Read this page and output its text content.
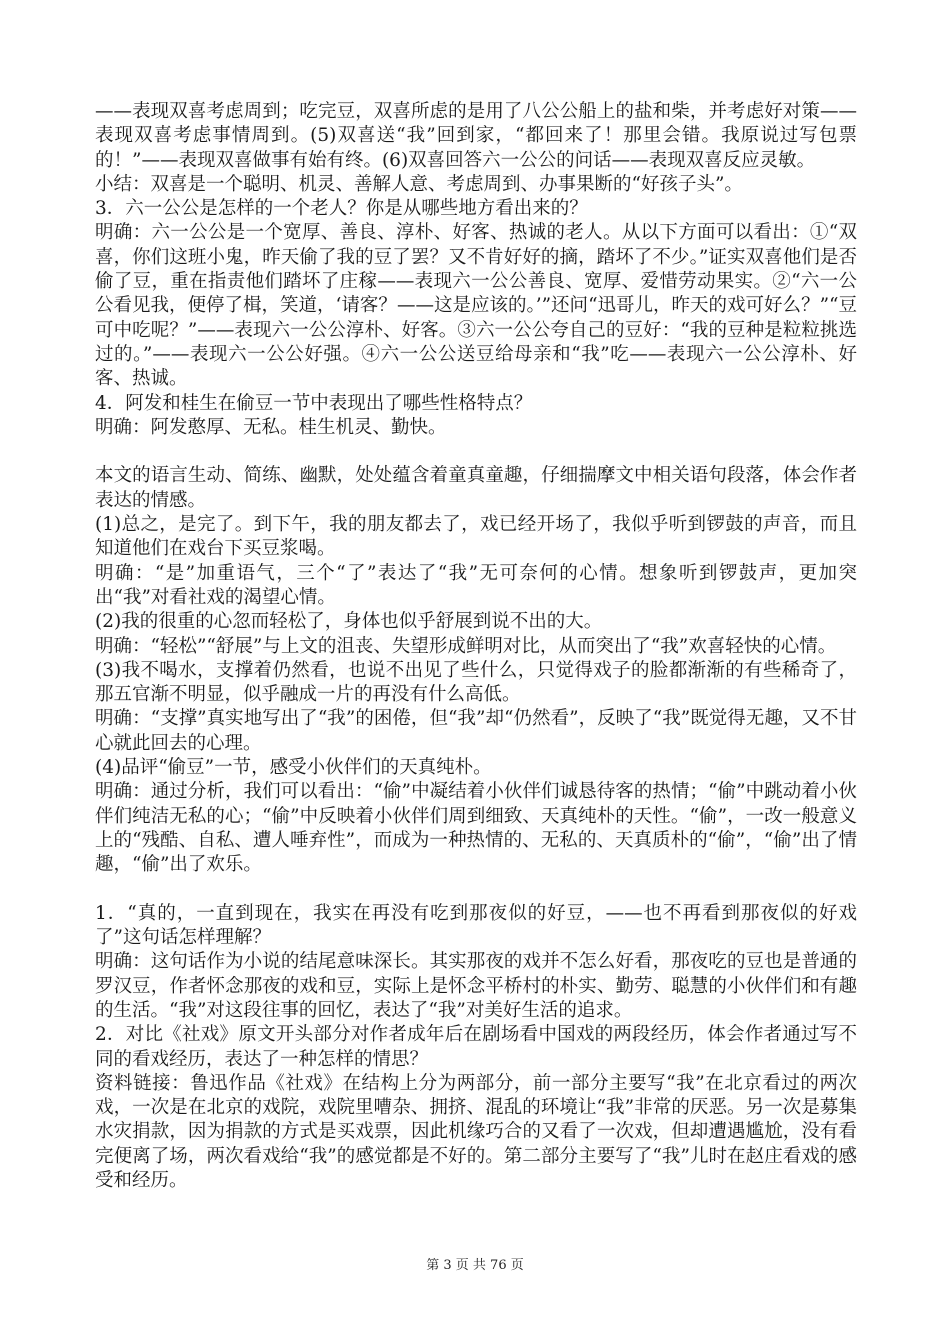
——表现双喜考虑周到；吃完豆，双喜所虑的是用了八公公船上的盐和柴，并考虑好对策——表现双喜考虑事情周到。(5)双喜送“我”回到家，“都回来了！那里会错。我原说过写包票的！”——表现双喜做事有始有终。(6)双喜回答六一公公的问话——表现双喜反应灵敏。

小结：双喜是一个聪明、机灵、善解人意、考虑周到、办事果断的“好孩子头”。

3．六一公公是怎样的一个老人？你是从哪些地方看出来的？

明确：六一公公是一个宽厚、善良、淳朴、好客、热诚的老人。从以下方面可以看出：①“双喜，你们这班小鬼，昨天偷了我的豆了罢？又不肯好好的摘，踏坏了不少。”证实双喜他们是否偷了豆，重在指责他们踏坏了庄稼——表现六一公公善良、宽厚、爱惜劳动果实。②“六一公公看见我，便停了楫，笑道，‘请客？——这是应该的。’”还问“迅哥儿，昨天的戏可好么？”“豆可中吃呢？”——表现六一公公淳朴、好客。③六一公公夸自己的豆好：“我的豆种是粒粒挑选过的。”——表现六一公公好强。④六一公公送豆给母亲和“我”吃——表现六一公公淳朴、好客、热诚。

4．阿发和桂生在偷豆一节中表现出了哪些性格特点？

明确：阿发憨厚、无私。桂生机灵、勤快。

本文的语言生动、简练、幽默，处处蕴含着童真童趣，仔细揣摩文中相关语句段落，体会作者表达的情感。

(1)总之，是完了。到下午，我的朋友都去了，戏已经开场了，我似乎听到锣鼓的声音，而且知道他们在戏台下买豆浆喝。

明确：“是”加重语气，三个“了”表达了“我”无可奈何的心情。想象听到锣鼓声，更加突出“我”对看社戏的渴望心情。

(2)我的很重的心忽而轻松了，身体也似乎舒展到说不出的大。

明确：“轻松”“舒展”与上文的沮丧、失望形成鲜明对比，从而突出了“我”欢喜轻快的心情。

(3)我不喝水，支撑着仍然看，也说不出见了些什么，只觉得戏子的脸都渐渐的有些稀奇了，那五官渐不明显，似乎融成一片的再没有什么高低。

明确：“支撑”真实地写出了“我”的困倦，但“我”却“仍然看”，反映了“我”既觉得无趣，又不甘心就此回去的心理。

(4)品评“偷豆”一节，感受小伙伴们的天真纯朴。

明确：通过分析，我们可以看出：“偷”中凝结着小伙伴们诚恳待客的热情；“偷”中跳动着小伙伴们纯洁无私的心；“偷”中反映着小伙伴们周到细致、天真纯朴的天性。“偷”，一改一般意义上的“残酷、自私、遭人唾弃性”，而成为一种热情的、无私的、天真质朴的“偷”，“偷”出了情趣，“偷”出了欢乐。

1．“真的，一直到现在，我实在再没有吃到那夜似的好豆，——也不再看到那夜似的好戏了”这句话怎样理解？

明确：这句话作为小说的结尾意味深长。其实那夜的戏并不怎么好看，那夜吃的豆也是普通的罗汉豆，作者怀念那夜的戏和豆，实际上是怀念平桥村的朴实、勤劳、聪慧的小伙伴们和有趣的生活。“我”对这段往事的回忆，表达了“我”对美好生活的追求。

2．对比《社戏》原文开头部分对作者成年后在剧场看中国戏的两段经历，体会作者通过写不同的看戏经历，表达了一种怎样的情思？

资料链接：鲁迅作品《社戏》在结构上分为两部分，前一部分主要写“我”在北京看过的两次戏，一次是在北京的戏院，戏院里嘈杂、拥挤、混乱的环境让“我”非常的厌恶。另一次是募集水灾捐款，因为捐款的方式是买戏票，因此机缘巧合的又看了一次戏，但却遭遇尴尬，没有看完便离了场，两次看戏给“我”的感觉都是不好的。第二部分主要写了“我”儿时在赵庄看戏的感受和经历。

第 3 页 共 76 页
